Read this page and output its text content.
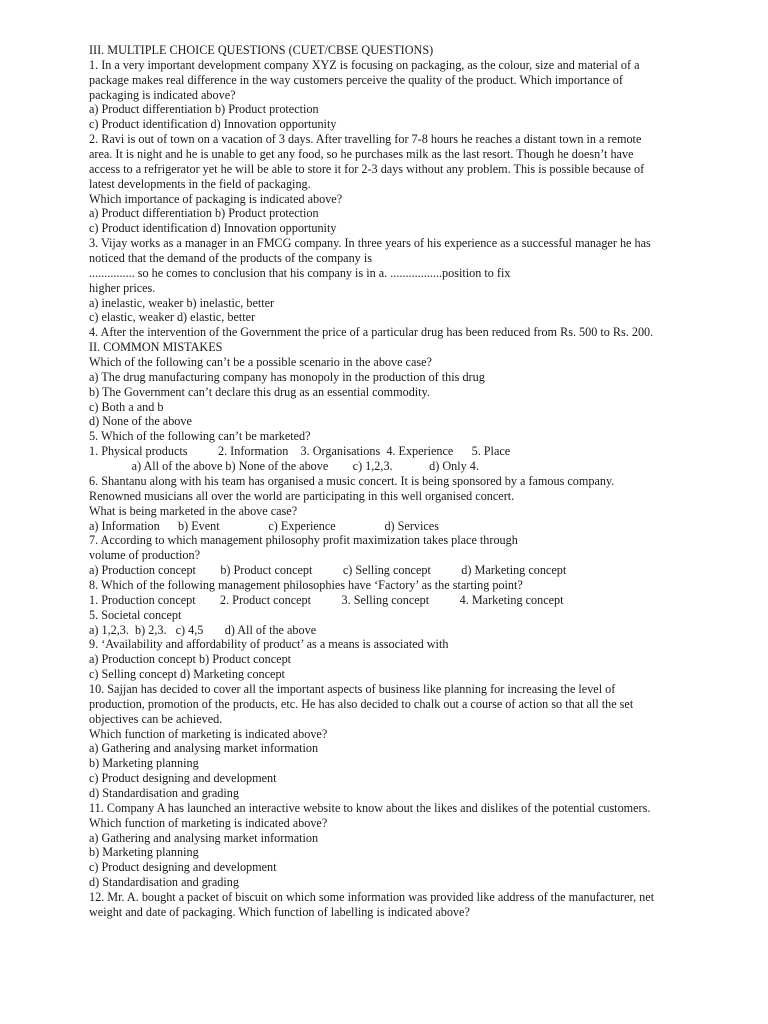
III. MULTIPLE CHOICE QUESTIONS (CUET/CBSE QUESTIONS)
1. In a very important development company XYZ is focusing on packaging, as the colour, size and material of a
package makes real difference in the way customers perceive the quality of the product. Which importance of
packaging is indicated above?
a) Product differentiation b) Product protection
c) Product identification d) Innovation opportunity
2. Ravi is out of town on a vacation of 3 days. After travelling for 7-8 hours he reaches a distant town in a remote
area. It is night and he is unable to get any food, so he purchases milk as the last resort. Though he doesn’t have
access to a refrigerator yet he will be able to store it for 2-3 days without any problem. This is possible because of
latest developments in the field of packaging.
Which importance of packaging is indicated above?
a) Product differentiation b) Product protection
c) Product identification d) Innovation opportunity
3. Vijay works as a manager in an FMCG company. In three years of his experience as a successful manager he has
noticed that the demand of the products of the company is
............... so he comes to conclusion that his company is in a. .................position to fix
higher prices.
a) inelastic, weaker b) inelastic, better
c) elastic, weaker d) elastic, better
4. After the intervention of the Government the price of a particular drug has been reduced from Rs. 500 to Rs. 200.
II. COMMON MISTAKES
Which of the following can’t be a possible scenario in the above case?
a) The drug manufacturing company has monopoly in the production of this drug
b) The Government can’t declare this drug as an essential commodity.
c) Both a and b
d) None of the above
5. Which of the following can’t be marketed?
1. Physical products          2. Information    3. Organisations  4. Experience      5. Place
a) All of the above b) None of the above        c) 1,2,3.            d) Only 4.
6. Shantanu along with his team has organised a music concert. It is being sponsored by a famous company.
Renowned musicians all over the world are participating in this well organised concert.
What is being marketed in the above case?
a) Information      b) Event                c) Experience                d) Services
7. According to which management philosophy profit maximization takes place through
volume of production?
a) Production concept        b) Product concept          c) Selling concept          d) Marketing concept
8. Which of the following management philosophies have ‘Factory’ as the starting point?
1. Production concept        2. Product concept          3. Selling concept          4. Marketing concept
5. Societal concept
a) 1,2,3.  b) 2,3.   c) 4,5       d) All of the above
9. ‘Availability and affordability of product’ as a means is associated with
a) Production concept b) Product concept
c) Selling concept d) Marketing concept
10. Sajjan has decided to cover all the important aspects of business like planning for increasing the level of
production, promotion of the products, etc. He has also decided to chalk out a course of action so that all the set
objectives can be achieved.
Which function of marketing is indicated above?
a) Gathering and analysing market information
b) Marketing planning
c) Product designing and development
d) Standardisation and grading
11. Company A has launched an interactive website to know about the likes and dislikes of the potential customers.
Which function of marketing is indicated above?
a) Gathering and analysing market information
b) Marketing planning
c) Product designing and development
d) Standardisation and grading
12. Mr. A. bought a packet of biscuit on which some information was provided like address of the manufacturer, net
weight and date of packaging. Which function of labelling is indicated above?
